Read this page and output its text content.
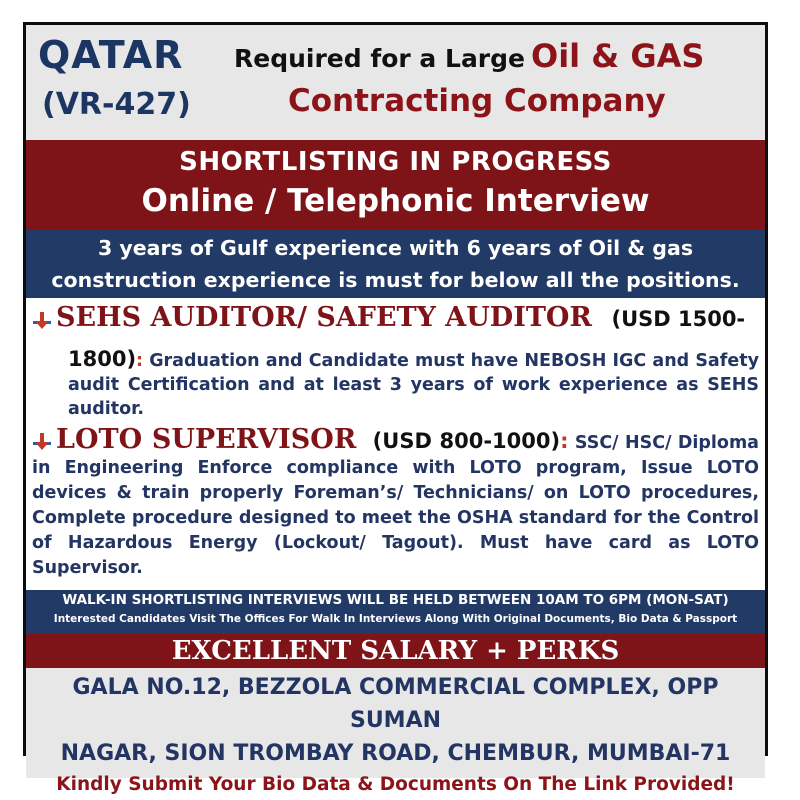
QATAR
(VR-427)
Required for a Large Oil & GAS
Contracting Company
SHORTLISTING IN PROGRESS
Online / Telephonic Interview
3 years of Gulf experience with 6 years of Oil & gas
construction experience is must for below all the positions.
SEHS AUDITOR/ SAFETY AUDITOR (USD 1500-
1800): Graduation and Candidate must have NEBOSH IGC and Safety audit Certification and at least 3 years of work experience as SEHS auditor.
LOTO SUPERVISOR (USD 800-1000): SSC/ HSC/ Diploma in Engineering Enforce compliance with LOTO program, Issue LOTO devices & train properly Foreman’s/ Technicians/ on LOTO procedures, Complete procedure designed to meet the OSHA standard for the Control of Hazardous Energy (Lockout/ Tagout). Must have card as LOTO Supervisor.
WALK-IN SHORTLISTING INTERVIEWS WILL BE HELD BETWEEN 10AM TO 6PM (MON-SAT)
Interested Candidates Visit The Offices For Walk In Interviews Along With Original Documents, Bio Data & Passport
EXCELLENT SALARY + PERKS
GALA NO.12, BEZZOLA COMMERCIAL COMPLEX, OPP SUMAN
NAGAR, SION TROMBAY ROAD, CHEMBUR, MUMBAI-71
Kindly Submit Your Bio Data & Documents On The Link Provided!
